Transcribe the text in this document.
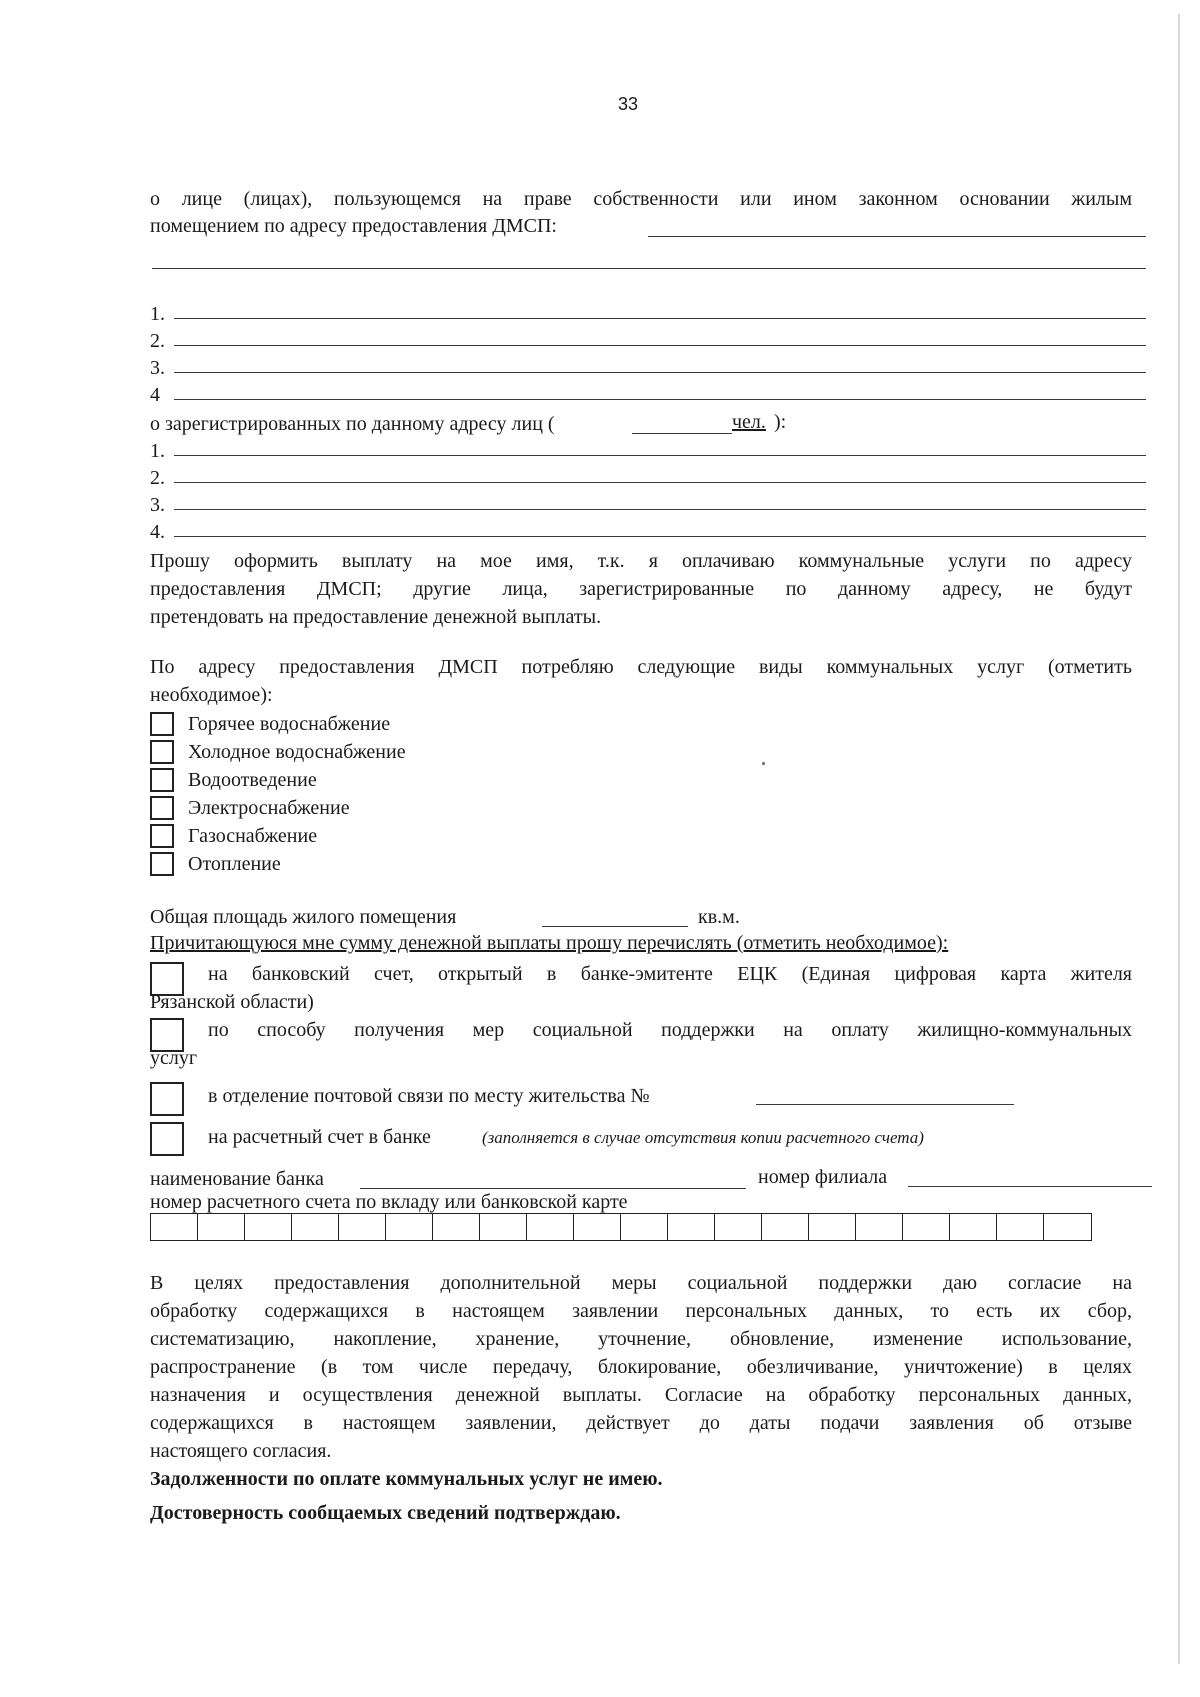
33
о лице (лицах), пользующемся на праве собственности или ином законном основании жилым
помещением по адресу предоставления ДМСП:
1.
2.
3.
4
о зарегистрированных по данному адресу лиц (	чел. ):
1.
2.
3.
4.
Прошу оформить выплату на мое имя, т.к. я оплачиваю коммунальные услуги по адресу
предоставления ДМСП; другие лица, зарегистрированные по данному адресу, не будут
претендовать на предоставление денежной выплаты.
По адресу предоставления ДМСП потребляю следующие виды коммунальных услуг (отметить
необходимое):
Горячее водоснабжение
Холодное водоснабжение
Водоотведение
Электроснабжение
Газоснабжение
Отопление
Общая площадь жилого помещения	кв.м.
Причитающуюся мне сумму денежной выплаты прошу перечислять (отметить необходимое):
на банковский счет, открытый в банке-эмитенте ЕЦК (Единая цифровая карта жителя
Рязанской области)
по способу получения мер социальной поддержки на оплату жилищно-коммунальных
услуг
в отделение почтовой связи по месту жительства №
на расчетный счет в банке	(заполняется в случае отсутствия копии расчетного счета)
наименование банка	номер филиала
номер расчетного счета по вкладу или банковской карте
В целях предоставления дополнительной меры социальной поддержки даю согласие на
обработку содержащихся в настоящем заявлении персональных данных, то есть их сбор,
систематизацию, накопление, хранение, уточнение, обновление, изменение использование,
распространение (в том числе передачу, блокирование, обезличивание, уничтожение) в целях
назначения и осуществления денежной выплаты. Согласие на обработку персональных данных,
содержащихся в настоящем заявлении, действует до даты подачи заявления об отзыве
настоящего согласия.
Задолженности по оплате коммунальных услуг не имею.
Достоверность сообщаемых сведений подтверждаю.
